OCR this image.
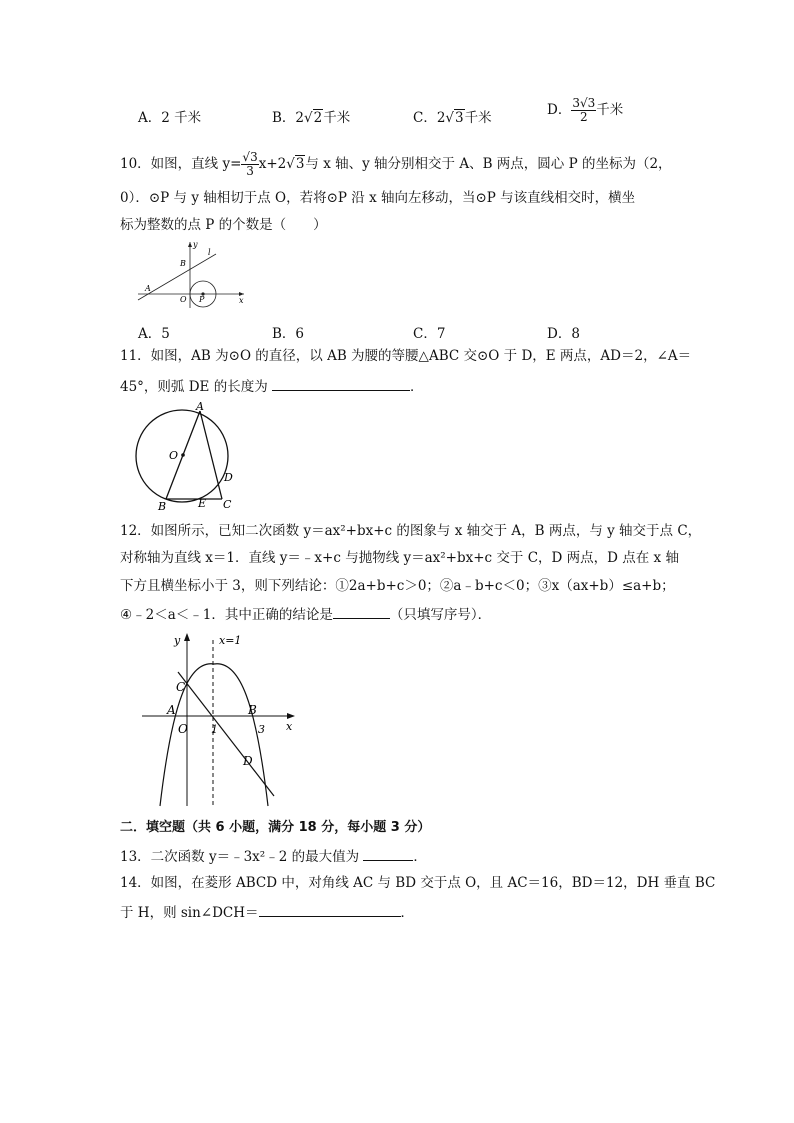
A．2 千米	B．2√2千米	C．2√3千米	D． $\frac{3√3}{2}$ 千米
10．如图，直线 $y= \frac{√3}{3} x+2√3$与 x 轴、y 轴分别相交于 A、B 两点，圆心 P 的坐标为（2，
0）．⊙P 与 y 轴相切于点 O，若将⊙P 沿 x 轴向左移动，当⊙P 与该直线相交时，横坐
标为整数的点 P 的个数是（　　）
y
l
B
A
O P	x
A．5	B．6	C．7	D．8
11．如图，AB 为⊙O 的直径，以 AB 为腰的等腰△ABC 交⊙O 于 D，E 两点，AD＝2，∠A＝
45°，则弧 DE 的长度为	．
A
O
D
B	E C
12．如图所示，已知二次函数 y＝ax²+bx+c 的图象与 x 轴交于 A，B 两点，与 y 轴交于点 C，
对称轴为直线 x＝1．直线 y＝﹣x+c 与抛物线 y＝ax²+bx+c 交于 C，D 两点，D 点在 x 轴
下方且横坐标小于 3，则下列结论：①2a+b+c＞0；②a﹣b+c＜0；③x（ax+b）≤a+b；
④﹣2＜a＜﹣1．其中正确的结论是	（只填写序号）．
y	x=1
C
A	B
O 1	3 x
D
二．填空题（共 6 小题，满分 18 分，每小题 3 分）
13．二次函数 y＝﹣3x²﹣2 的最大值为	．
14．如图，在菱形 ABCD 中，对角线 AC 与 BD 交于点 O，且 AC＝16，BD＝12，DH 垂直 BC
于 H，则 sin∠DCH＝	．
